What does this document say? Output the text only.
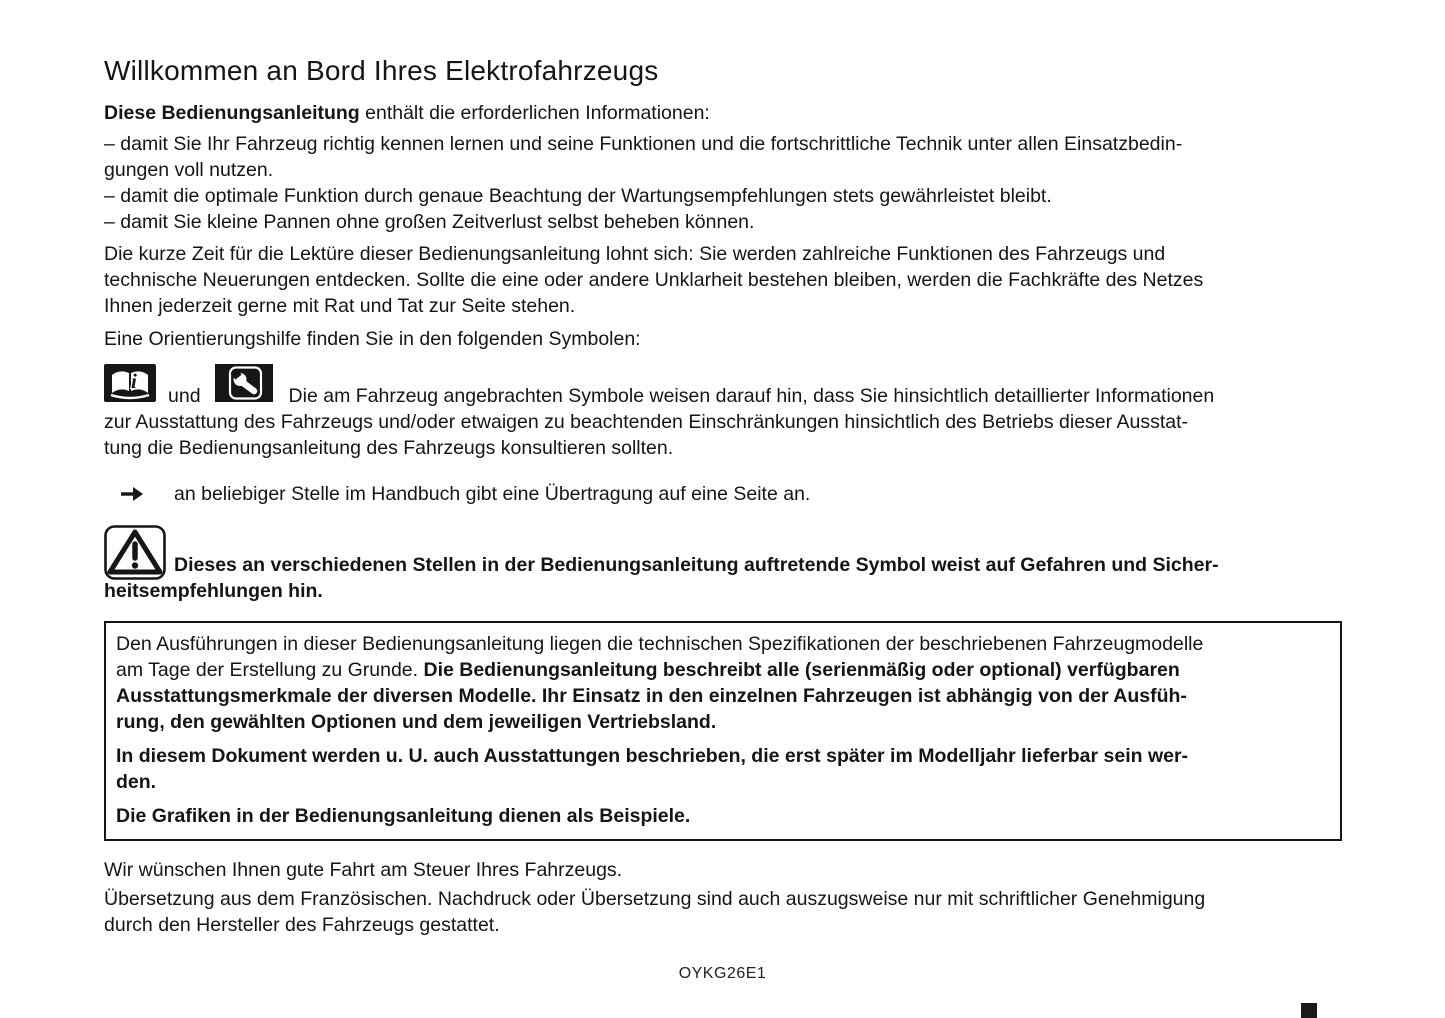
Willkommen an Bord Ihres Elektrofahrzeugs
Diese Bedienungsanleitung enthält die erforderlichen Informationen:
– damit Sie Ihr Fahrzeug richtig kennen lernen und seine Funktionen und die fortschrittliche Technik unter allen Einsatzbedin-
gungen voll nutzen.
– damit die optimale Funktion durch genaue Beachtung der Wartungsempfehlungen stets gewährleistet bleibt.
– damit Sie kleine Pannen ohne großen Zeitverlust selbst beheben können.
Die kurze Zeit für die Lektüre dieser Bedienungsanleitung lohnt sich: Sie werden zahlreiche Funktionen des Fahrzeugs und
technische Neuerungen entdecken. Sollte die eine oder andere Unklarheit bestehen bleiben, werden die Fachkräfte des Netzes
Ihnen jederzeit gerne mit Rat und Tat zur Seite stehen.
Eine Orientierungshilfe finden Sie in den folgenden Symbolen:
i
und	Die am Fahrzeug angebrachten Symbole weisen darauf hin, dass Sie hinsichtlich detaillierter Informationen
zur Ausstattung des Fahrzeugs und/oder etwaigen zu beachtenden Einschränkungen hinsichtlich des Betriebs dieser Ausstat-
tung die Bedienungsanleitung des Fahrzeugs konsultieren sollten.
an beliebiger Stelle im Handbuch gibt eine Übertragung auf eine Seite an.
Dieses an verschiedenen Stellen in der Bedienungsanleitung auftretende Symbol weist auf Gefahren und Sicher-
heitsempfehlungen hin.
Den Ausführungen in dieser Bedienungsanleitung liegen die technischen Spezifikationen der beschriebenen Fahrzeugmodelle
am Tage der Erstellung zu Grunde. Die Bedienungsanleitung beschreibt alle (serienmäßig oder optional) verfügbaren
Ausstattungsmerkmale der diversen Modelle. Ihr Einsatz in den einzelnen Fahrzeugen ist abhängig von der Ausfüh-
rung, den gewählten Optionen und dem jeweiligen Vertriebsland.
In diesem Dokument werden u. U. auch Ausstattungen beschrieben, die erst später im Modelljahr lieferbar sein wer-
den.
Die Grafiken in der Bedienungsanleitung dienen als Beispiele.
Wir wünschen Ihnen gute Fahrt am Steuer Ihres Fahrzeugs.
Übersetzung aus dem Französischen. Nachdruck oder Übersetzung sind auch auszugsweise nur mit schriftlicher Genehmigung
durch den Hersteller des Fahrzeugs gestattet.
OYKG26E1
